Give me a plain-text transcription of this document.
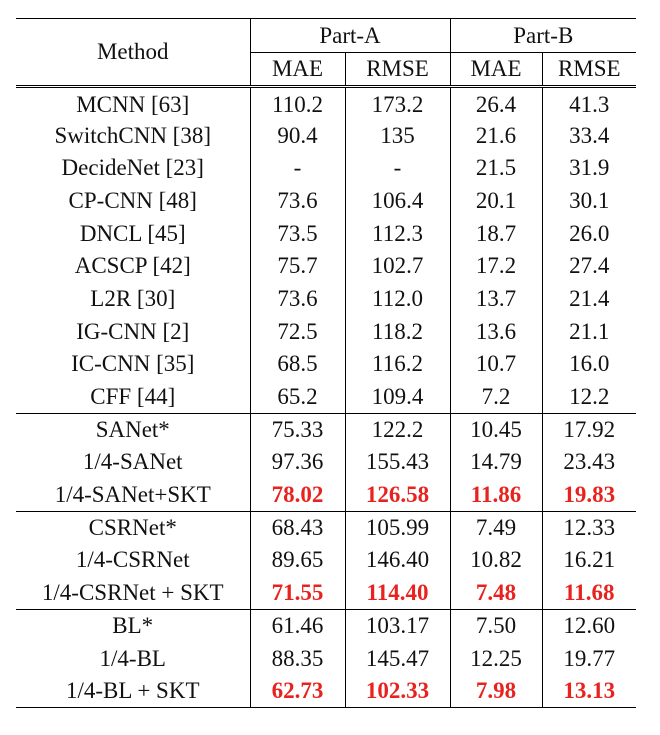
Method	Part-A		Part-B	
	MAE	RMSE	MAE	RMSE
MCNN [63]	110.2	173.2	26.4	41.3
SwitchCNN [38]	90.4	135	21.6	33.4
DecideNet [23]	-	-	21.5	31.9
CP-CNN [48]	73.6	106.4	20.1	30.1
DNCL [45]	73.5	112.3	18.7	26.0
ACSCP [42]	75.7	102.7	17.2	27.4
L2R [30]	73.6	112.0	13.7	21.4
IG-CNN [2]	72.5	118.2	13.6	21.1
IC-CNN [35]	68.5	116.2	10.7	16.0
CFF [44]	65.2	109.4	7.2	12.2
SANet*	75.33	122.2	10.45	17.92
1/4-SANet	97.36	155.43	14.79	23.43
1/4-SANet+SKT	78.02	126.58	11.86	19.83
CSRNet*	68.43	105.99	7.49	12.33
1/4-CSRNet	89.65	146.40	10.82	16.21
1/4-CSRNet + SKT	71.55	114.40	7.48	11.68
BL*	61.46	103.17	7.50	12.60
1/4-BL	88.35	145.47	12.25	19.77
1/4-BL + SKT	62.73	102.33	7.98	13.13
